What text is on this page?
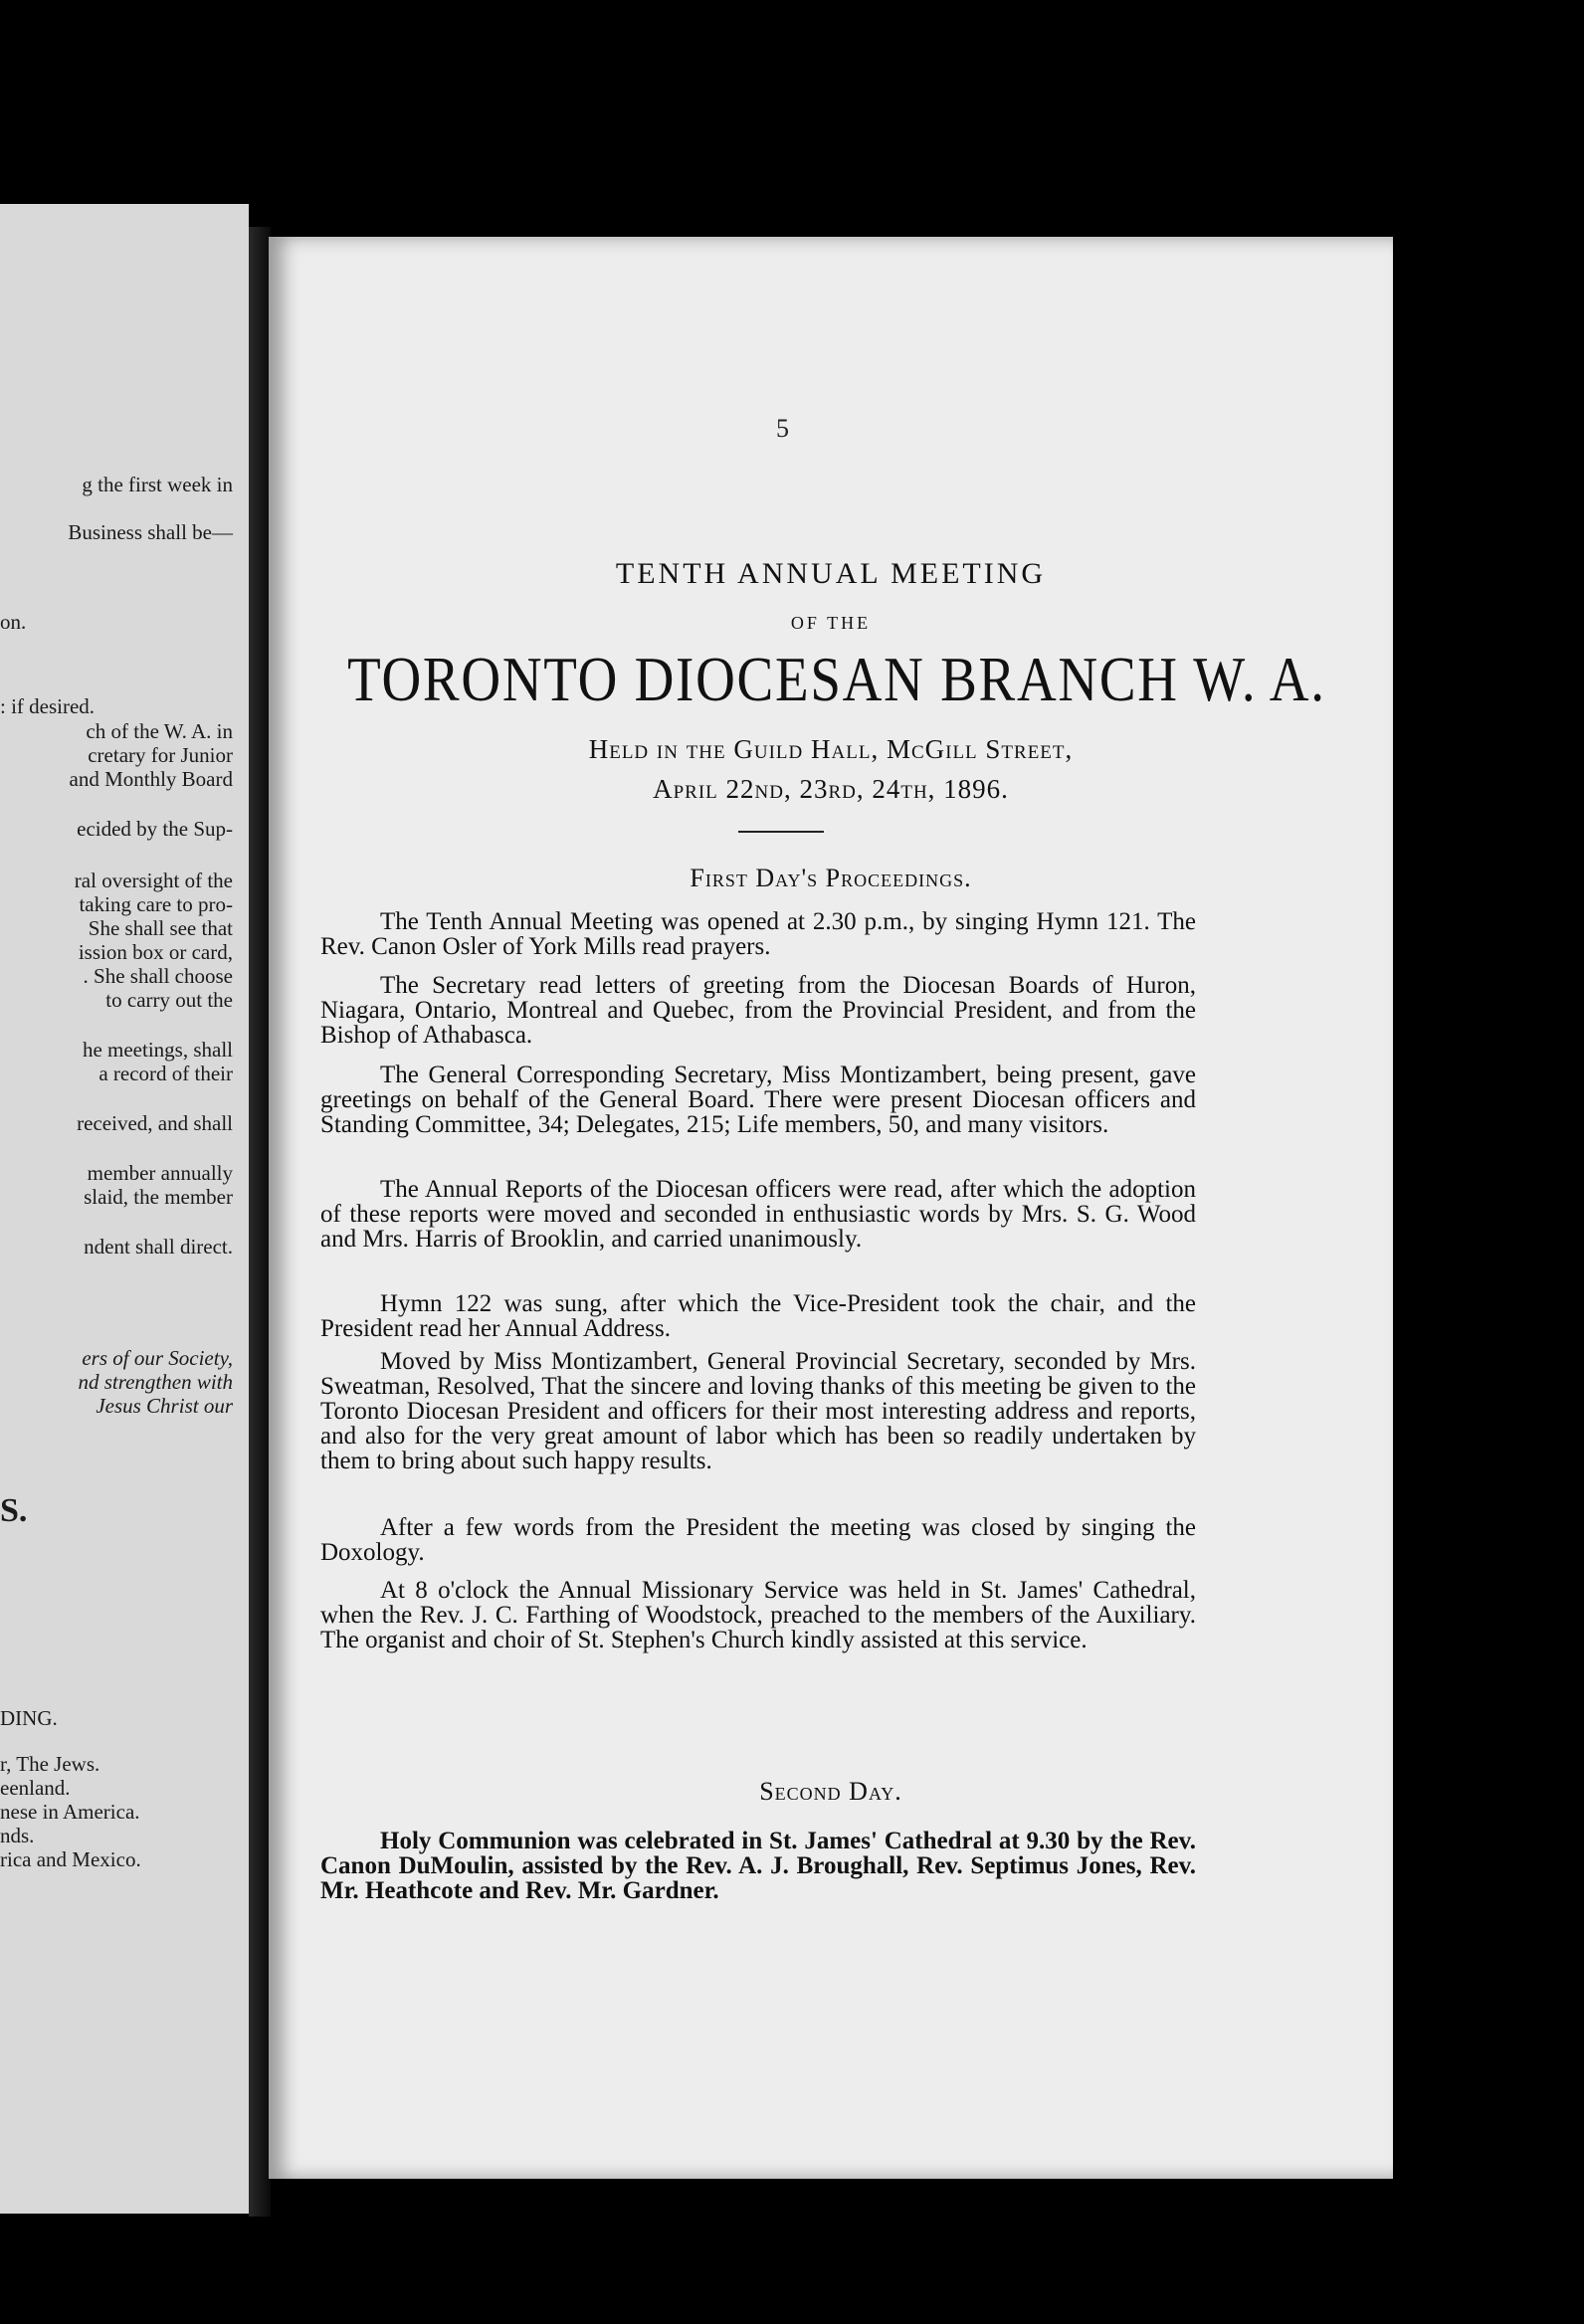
g the first week in
Business shall be—
on.
: if desired.
ch of the W. A. in
cretary for Junior
and Monthly Board
ecided by the Sup-
ral oversight of the
taking care to pro-
She shall see that
ission box or card,
. She shall choose
to carry out the
he meetings, shall
a record of their
received, and shall
member annually
slaid, the member
ndent shall direct.
ers of our Society,
nd strengthen with
Jesus Christ our
S.
DING.
r, The Jews.
eenland.
nese in America.
nds.
rica and Mexico.
5
TENTH ANNUAL MEETING
OF THE
TORONTO DIOCESAN BRANCH W. A.
Held in the Guild Hall, McGill Street,
April 22nd, 23rd, 24th, 1896.
First Day's Proceedings.

The Tenth Annual Meeting was opened at 2.30 p.m., by singing Hymn 121. The Rev. Canon Osler of York Mills read prayers.

The Secretary read letters of greeting from the Diocesan Boards of Huron, Niagara, Ontario, Montreal and Quebec, from the Provincial President, and from the Bishop of Athabasca.

The General Corresponding Secretary, Miss Montizambert, being present, gave greetings on behalf of the General Board. There were present Diocesan officers and Standing Committee, 34; Delegates, 215; Life members, 50, and many visitors.

The Annual Reports of the Diocesan officers were read, after which the adoption of these reports were moved and seconded in enthusiastic words by Mrs. S. G. Wood and Mrs. Harris of Brooklin, and carried unanimously.

Hymn 122 was sung, after which the Vice-President took the chair, and the President read her Annual Address.

Moved by Miss Montizambert, General Provincial Secretary, seconded by Mrs. Sweatman, Resolved, That the sincere and loving thanks of this meeting be given to the Toronto Diocesan President and officers for their most interesting address and reports, and also for the very great amount of labor which has been so readily undertaken by them to bring about such happy results.

After a few words from the President the meeting was closed by singing the Doxology.

At 8 o'clock the Annual Missionary Service was held in St. James' Cathedral, when the Rev. J. C. Farthing of Woodstock, preached to the members of the Auxiliary. The organist and choir of St. Stephen's Church kindly assisted at this service.

Second Day.

Holy Communion was celebrated in St. James' Cathedral at 9.30 by the Rev. Canon DuMoulin, assisted by the Rev. A. J. Broughall, Rev. Septimus Jones, Rev. Mr. Heathcote and Rev. Mr. Gardner.
